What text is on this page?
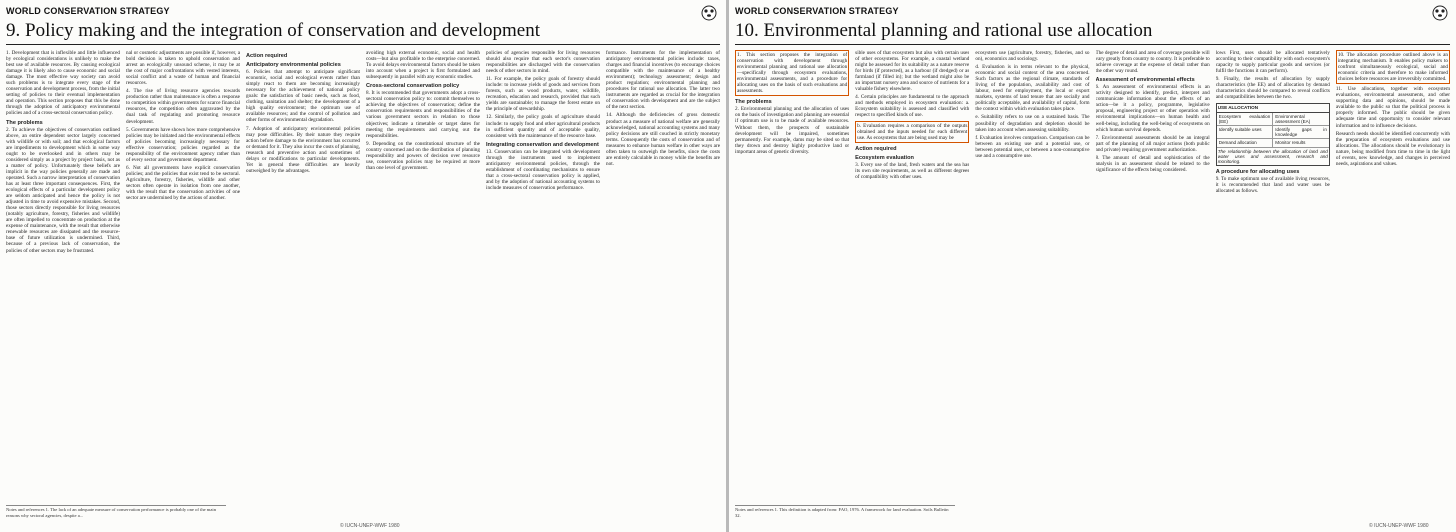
WORLD CONSERVATION STRATEGY
9. Policy making and the integration of conservation and development

1. Development that is inflexible and little influenced by ecological considerations is unlikely to make the best use of available resources. By causing ecological damage it is likely also to cause economic and social damage. The most effective way society can avoid such problems is to integrate every stage of the conservation and development process, from the initial setting of policies to their eventual implementation and operation. This section proposes that this be done through the adoption of anticipatory environmental policies and of a cross-sectoral conservation policy.

The problems

2. To achieve the objectives of conservation outlined above, an entire dependent sector largely concerned with wildlife or with soil; and that ecological factors are impediments to development which in some way ought to be overlooked and in others may be considered simply as a project by project basis, not as a matter of policy. Unfortunately these beliefs are implicit in the way policies generally are made and operated. Such a narrow interpretation of conservation has at least three important consequences. First, the ecological effects of a particular development policy are seldom anticipated and hence the policy is not adjusted in time to avoid expensive mistakes. Second, those sectors directly responsible for living resources (notably agriculture, forestry, fisheries and wildlife) are often impelled to concentrate on production at the expense of maintenance, with the result that otherwise renewable resources are dissipated and the resource-base of future utilization is undermined. Third, because of a previous lack of conservation, the policies of other sectors may be frustrated.

nal or cosmetic adjustments are possible if, however, a bold decision is taken to uphold conservation and arrest an ecologically unsound scheme, it may be at the cost of major confrontations with vested interests, social conflict and a waste of human and financial resources.

4. The rise of living resource agencies towards production rather than maintenance is often a response to competition within governments for scarce financial resources, the competition often aggravated by the dual task of regulating and promoting resource development.

5. Governments have shown how more comprehensive policies may be initiated and the environmental effects of policies becoming increasingly necessary for effective conservation; policies regarded as the responsibility of the environment agency rather than of every sector and government department.

6. Not all governments have explicit conservation policies; and the policies that exist tend to be sectoral. Agriculture, forestry, fisheries, wildlife and other sectors often operate in isolation from one another, with the result that the conservation activities of one sector are undermined by the actions of another.

Action required

Anticipatory environmental policies

6. Policies that attempt to anticipate significant economic, social and ecological events rather than simply react to them are becoming increasingly necessary for the achievement of national policy goals: the satisfaction of basic needs, such as food, clothing, sanitation and shelter; the development of a high quality environment; the optimum use of available resources; and the control of pollution and other forms of environmental degradation.

7. Adoption of anticipatory environmental policies may pose difficulties. By their nature they require action before damage to the environment has occurred or demand for it. They also incur the costs of planning, research and preventive action and sometimes of delays or modifications to particular developments. Yet in general these difficulties are heavily outweighed by the advantages.

avoiding high external economic, social and health costs—but also profitable to the enterprise concerned. To avoid delays environmental factors should be taken into account when a project is first formulated and subsequently in parallel with any economic studies.

Cross-sectoral conservation policy

8. It is recommended that governments adopt a cross-sectoral conservation policy to: commit themselves to achieving the objectives of conservation; define the conservation requirements and responsibilities of the various government sectors in relation to those objectives; indicate a timetable or target dates for meeting the requirements and carrying out the responsibilities.

9. Depending on the constitutional structure of the country concerned and on the distribution of planning responsibility and powers of decision over resource use, conservation policies may be required at more than one level of government.

policies of agencies responsible for living resources should also require that each sector's conservation responsibilities are discharged with the conservation needs of other sectors in mind.

11. For example, the policy goals of forestry should include: to increase yields of goods and services from forests, such as wood products, water, wildlife, recreation, education and research, provided that such yields are sustainable; to manage the forest estate on the principle of stewardship.

12. Similarly, the policy goals of agriculture should include: to supply food and other agricultural products in sufficient quantity and of acceptable quality, consistent with the maintenance of the resource base.

Integrating conservation and development

13. Conservation can be integrated with development through the instruments used to implement anticipatory environmental policies, through the establishment of coordinating mechanisms to ensure that a cross-sectoral conservation policy is applied, and by the adoption of national accounting systems to include measures of conservation performance.

formance. Instruments for the implementation of anticipatory environmental policies include: taxes, charges and financial incentives (to encourage choices compatible with the maintenance of a healthy environment); technology assessment; design and product regulation; environmental planning and procedures for rational use allocation. The latter two instruments are regarded as crucial for the integration of conservation with development and are the subject of the next section.

14. Although the deficiencies of gross domestic product as a measure of national welfare are generally acknowledged, national accounting systems and many policy decisions are still couched in strictly monetary terms. Consequently the costs of conservation and of measures to enhance human welfare in other ways are often taken to outweigh the benefits, since the costs are entirely calculable in money while the benefits are not.

Notes and references 1. The lack of an adequate measure of conservation performance is probably one of the main reasons why sectoral agencies, despite a...
© IUCN-UNEP-WWF 1980
WORLD CONSERVATION STRATEGY
10. Environmental planning and rational use allocation

1. This section proposes the integration of conservation with development through environmental planning and rational use allocation—specifically through ecosystem evaluations, environmental assessments, and a procedure for allocating uses on the basis of such evaluations and assessments.

The problems

2. Environmental planning and the allocation of uses on the basis of investigation and planning are essential if optimum use is to be made of available resources. Without them, the prospects of sustainable development will be impaired, sometimes permanently. For example, dams may be sited so that they drown and destroy highly productive land or important areas of genetic diversity.

sible uses of that ecosystem but also with certain uses of other ecosystems. For example, a coastal wetland might be assessed for its suitability as a nature reserve for birds (if protected), as a harbour (if dredged) or as farmland (if filled in); but the wetland might also be an important nursery area and source of nutrients for a valuable fishery elsewhere.

4. Certain principles are fundamental to the approach and methods employed in ecosystem evaluation: a. Ecosystem suitability is assessed and classified with respect to specified kinds of use.

b. Evaluation requires a comparison of the outputs obtained and the inputs needed for each different use. As ecosystems that are being used may be

Action required

Ecosystem evaluation

3. Every use of the land, fresh waters and the sea has its own site requirements, as well as different degrees of compatibility with other uses.

ecosystem use (agriculture, forestry, fisheries, and so on), economics and sociology.

d. Evaluation is in terms relevant to the physical, economic and social context of the area concerned. Such factors as the regional climate, standards of living of the population, availability and cost of labour, need for employment, the local or export markets, systems of land tenure that are socially and politically acceptable, and availability of capital, form the context within which evaluation takes place.

e. Suitability refers to use on a sustained basis. The possibility of degradation and depletion should be taken into account when assessing suitability.

f. Evaluation involves comparison. Comparison can be between an existing use and a potential use, or between potential uses, or between a non-consumptive use and a consumptive use.

The degree of detail and area of coverage possible will vary greatly from country to country. It is preferable to achieve coverage at the expense of detail rather than the other way round.

Assessment of environmental effects

6. An assessment of environmental effects is an activity designed to identify, predict, interpret and communicate information about the effects of an action—be it a policy, programme, legislative proposal, engineering project or other operation with environmental implications—on human health and well-being, including the well-being of ecosystems on which human survival depends.

7. Environmental assessments should be an integral part of the planning of all major actions (both public and private) requiring government authorization.

8. The amount of detail and sophistication of the analysis in an assessment should be related to the significance of the effects being considered.

lows First, uses should be allocated tentatively according to their compatibility with each ecosystem's capacity to supply particular goods and services (or fulfil the functions it can perform).

9. Finally, the results of allocation by supply characteristics (the EE) and of allocation by demand characteristics should be compared to reveal conflicts and compatibilities between the two.

USE ALLOCATION
Ecosystem evaluation (EE)
Environmental assessment (EA)
Identify suitable uses	Identify gaps in knowledge
Demand allocation	Monitor results
The relationship between the allocation of land and water uses and assessment, research and monitoring.

A procedure for allocating uses

9. To make optimum use of available living resources, it is recommended that land and water uses be allocated as follows.

10. The allocation procedure outlined above is an integrating mechanism. It enables policy makers to confront simultaneously ecological, social and economic criteria and therefore to make informed choices before resources are irreversibly committed.

11. Use allocations, together with ecosystem evaluations, environmental assessments, and other supporting data and opinions, should be made available to the public so that the political process is properly informed. The public should be given adequate time and opportunity to consider relevant information and to influence decisions.

Research needs should be identified concurrently with the preparation of ecosystem evaluations and use allocations. The allocations should be evolutionary in nature, being modified from time to time in the light of events, new knowledge, and changes in perceived needs, aspirations and values.

Notes and references 1. This definition is adapted from: FAO, 1976. A framework for land evaluation. Soils Bulletin 32.
© IUCN-UNEP-WWF 1980
